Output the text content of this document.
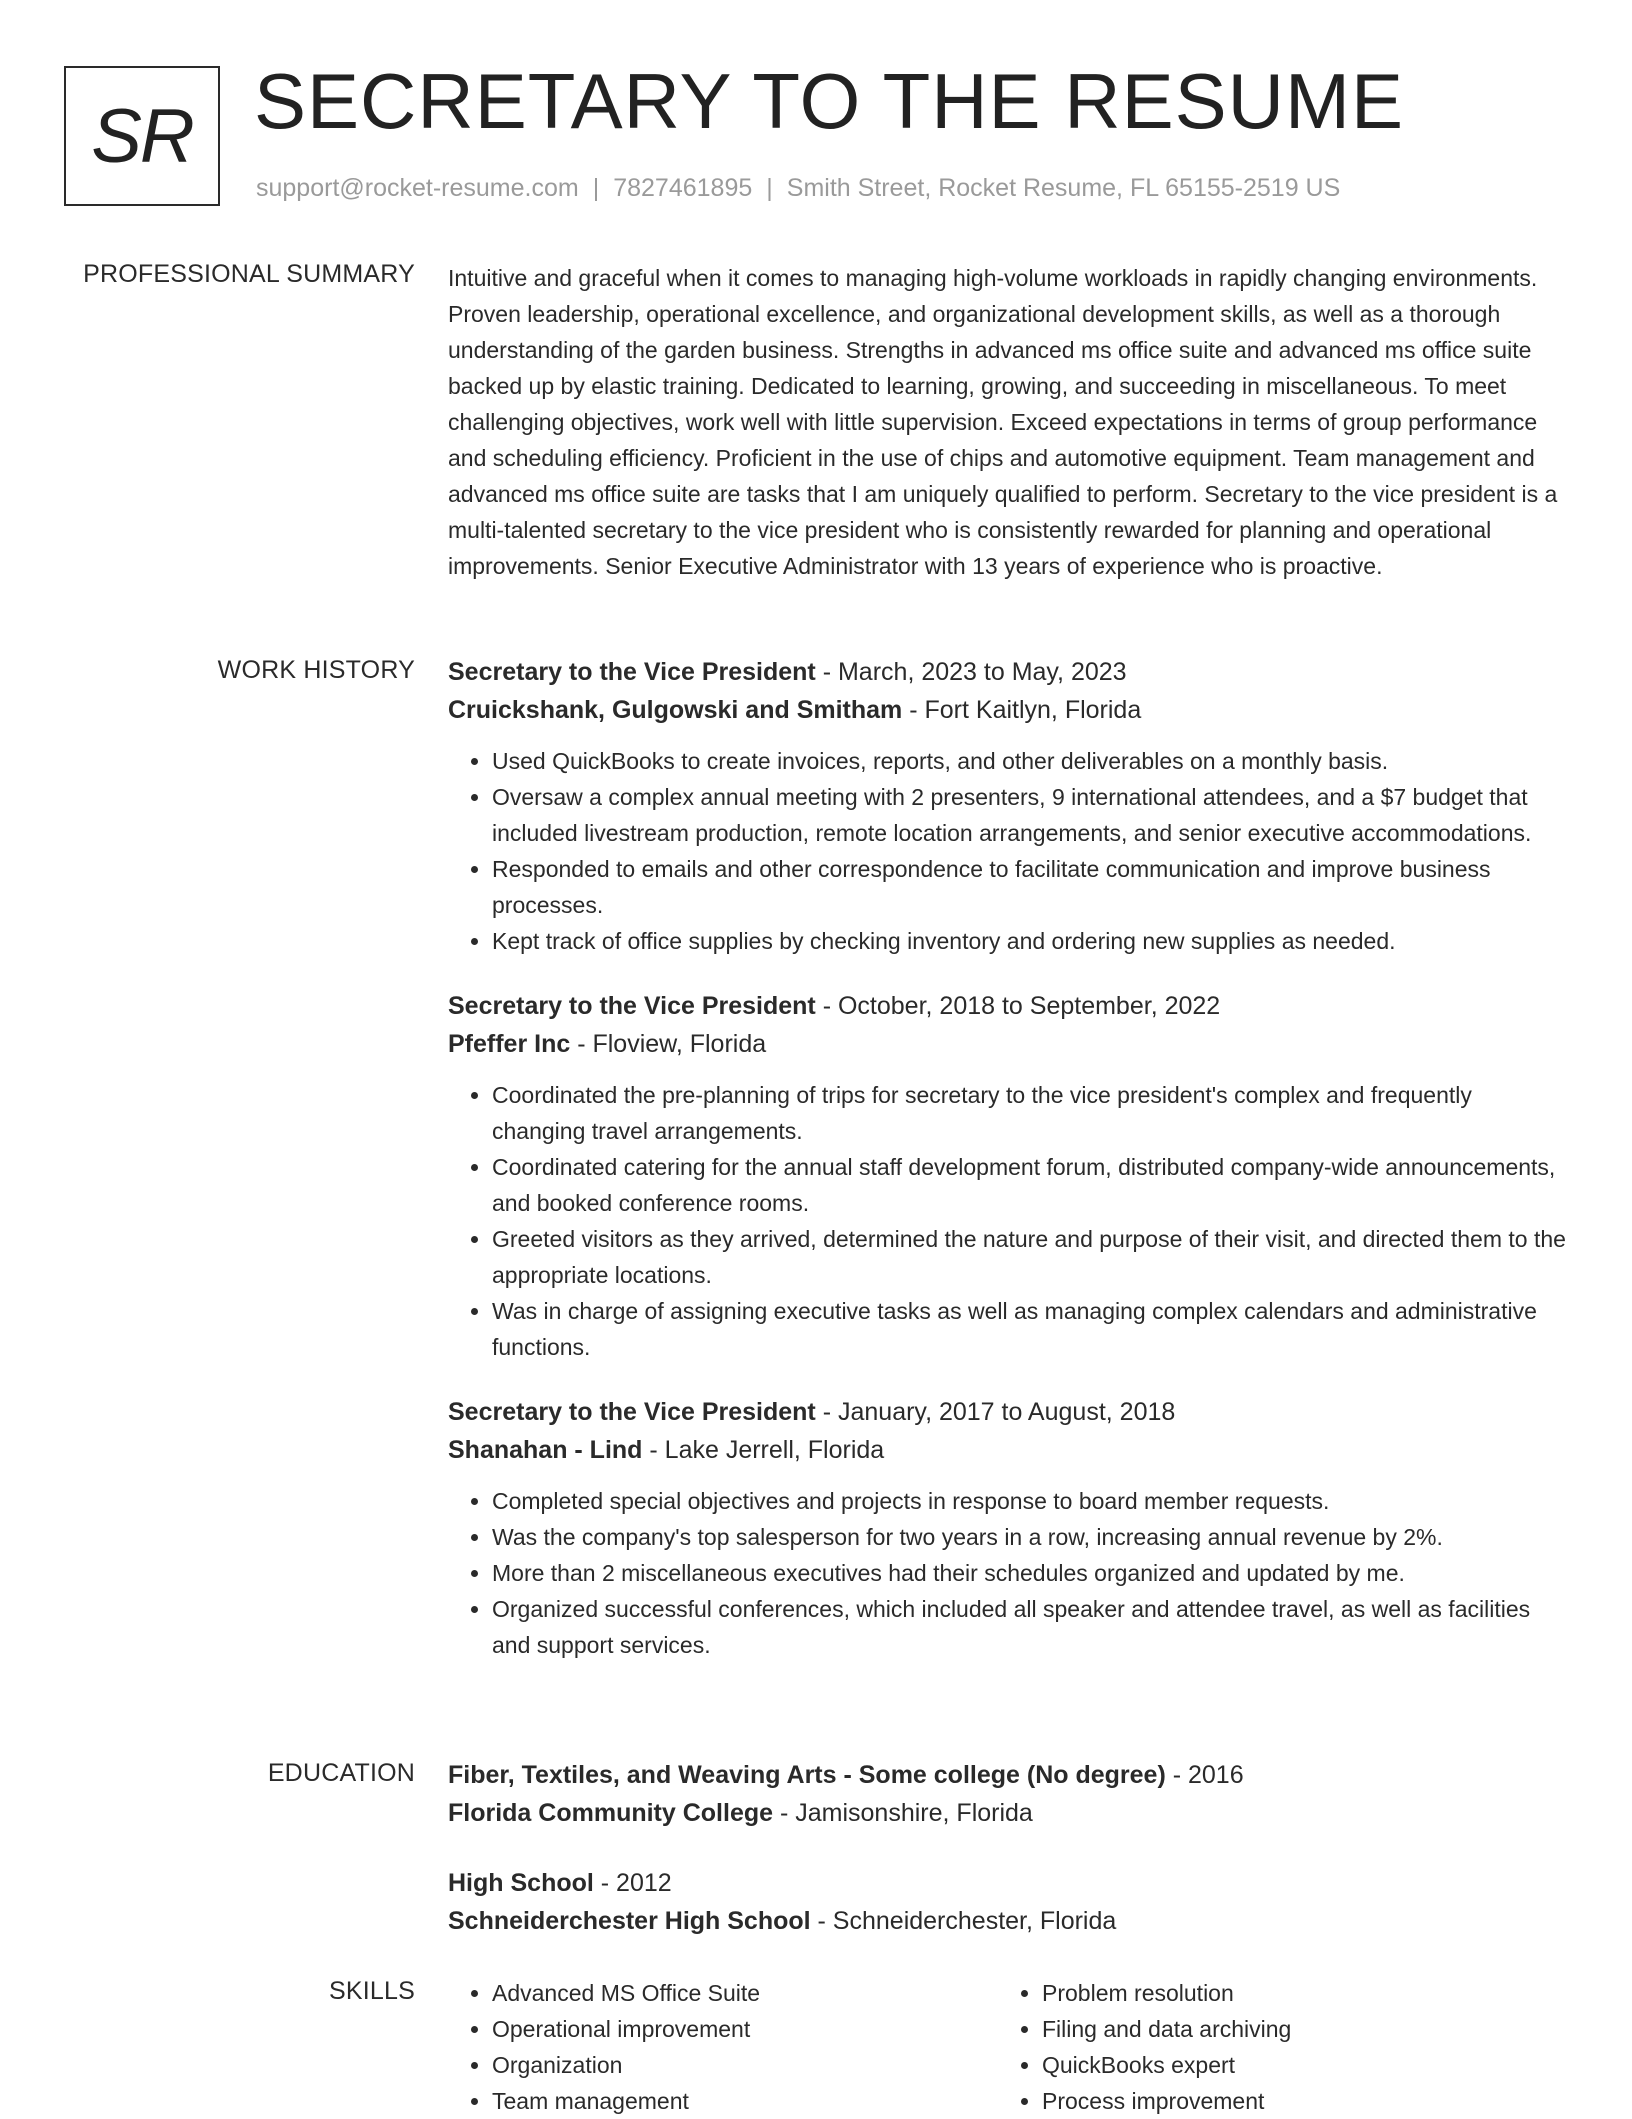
SR SECRETARY TO THE RESUME
support@rocket-resume.com | 7827461895 | Smith Street, Rocket Resume, FL 65155-2519 US
PROFESSIONAL SUMMARY Intuitive and graceful when it comes to managing high-volume workloads in rapidly changing environments. Proven leadership, operational excellence, and organizational development skills, as well as a thorough understanding of the garden business. Strengths in advanced ms office suite and advanced ms office suite backed up by elastic training. Dedicated to learning, growing, and succeeding in miscellaneous. To meet challenging objectives, work well with little supervision. Exceed expectations in terms of group performance and scheduling efficiency. Proficient in the use of chips and automotive equipment. Team management and advanced ms office suite are tasks that I am uniquely qualified to perform. Secretary to the vice president is a multi-talented secretary to the vice president who is consistently rewarded for planning and operational improvements. Senior Executive Administrator with 13 years of experience who is proactive.

WORK HISTORY Secretary to the Vice President - March, 2023 to May, 2023
Cruickshank, Gulgowski and Smitham - Fort Kaitlyn, Florida
• Used QuickBooks to create invoices, reports, and other deliverables on a monthly basis.
• Oversaw a complex annual meeting with 2 presenters, 9 international attendees, and a $7 budget that included livestream production, remote location arrangements, and senior executive accommodations.
• Responded to emails and other correspondence to facilitate communication and improve business processes.
• Kept track of office supplies by checking inventory and ordering new supplies as needed.
Secretary to the Vice President - October, 2018 to September, 2022
Pfeffer Inc - Floview, Florida
• Coordinated the pre-planning of trips for secretary to the vice president's complex and frequently changing travel arrangements.
• Coordinated catering for the annual staff development forum, distributed company-wide announcements, and booked conference rooms.
• Greeted visitors as they arrived, determined the nature and purpose of their visit, and directed them to the appropriate locations.
• Was in charge of assigning executive tasks as well as managing complex calendars and administrative functions.
Secretary to the Vice President - January, 2017 to August, 2018
Shanahan - Lind - Lake Jerrell, Florida
• Completed special objectives and projects in response to board member requests.
• Was the company's top salesperson for two years in a row, increasing annual revenue by 2%.
• More than 2 miscellaneous executives had their schedules organized and updated by me.
• Organized successful conferences, which included all speaker and attendee travel, as well as facilities and support services.
EDUCATION Fiber, Textiles, and Weaving Arts - Some college (No degree) - 2016
Florida Community College - Jamisonshire, Florida
High School - 2012
Schneiderchester High School - Schneiderchester, Florida
SKILLS
•	Advanced MS Office Suite
• Operational improvement
• Organization
• Team management
• Problem resolution
• Filing and data archiving
• QuickBooks expert
• Process improvement
